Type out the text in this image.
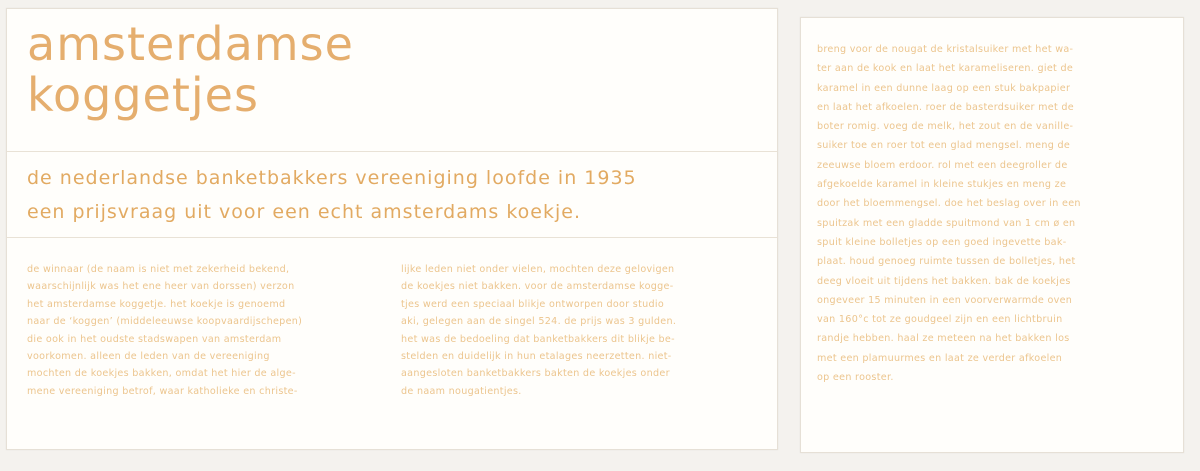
amsterdamse
koggetjes

de nederlandse banketbakkers vereeniging loofde in 1935
een prijsvraag uit voor een echt amsterdams koekje.

de winnaar (de naam is niet met zekerheid bekend,
waarschijnlijk was het ene heer van dorssen) verzon
het amsterdamse koggetje. het koekje is genoemd
naar de ‘koggen’ (middeleeuwse koopvaardijschepen)
die ook in het oudste stadswapen van amsterdam
voorkomen. alleen de leden van de vereeniging
mochten de koekjes bakken, omdat het hier de alge-
mene vereeniging betrof, waar katholieke en christe-
lijke leden niet onder vielen, mochten deze gelovigen
de koekjes niet bakken. voor de amsterdamse kogge-
tjes werd een speciaal blikje ontworpen door studio
aki, gelegen aan de singel 524. de prijs was 3 gulden.
het was de bedoeling dat banketbakkers dit blikje be-
stelden en duidelijk in hun etalages neerzetten. niet-
aangesloten banketbakkers bakten de koekjes onder
de naam nougatientjes.
breng voor de nougat de kristalsuiker met het wa-
ter aan de kook en laat het karameliseren. giet de
karamel in een dunne laag op een stuk bakpapier
en laat het afkoelen. roer de basterdsuiker met de
boter romig. voeg de melk, het zout en de vanille-
suiker toe en roer tot een glad mengsel. meng de
zeeuwse bloem erdoor. rol met een deegroller de
afgekoelde karamel in kleine stukjes en meng ze
door het bloemmengsel. doe het beslag over in een
spuitzak met een gladde spuitmond van 1 cm ø en
spuit kleine bolletjes op een goed ingevette bak-
plaat. houd genoeg ruimte tussen de bolletjes, het
deeg vloeit uit tijdens het bakken. bak de koekjes
ongeveer 15 minuten in een voorverwarmde oven
van 160°c tot ze goudgeel zijn en een lichtbruin
randje hebben. haal ze meteen na het bakken los
met een plamuurmes en laat ze verder afkoelen
op een rooster.
